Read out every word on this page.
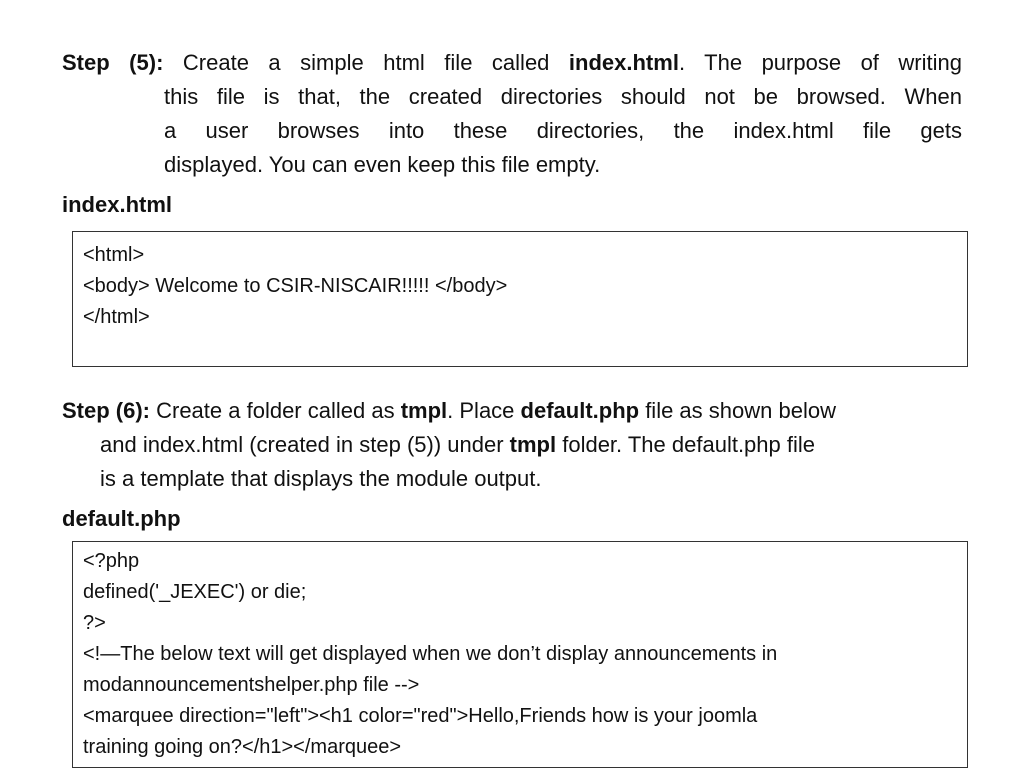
Step (5): Create a simple html file called index.html. The purpose of writing
this file is that, the created directories should not be browsed. When
a user browses into these directories, the index.html file gets
displayed. You can even keep this file empty.
index.html
<html>
<body> Welcome to CSIR-NISCAIR!!!!! </body>
</html>
Step (6): Create a folder called as tmpl. Place default.php file as shown below
and index.html (created in step (5)) under tmpl folder. The default.php file
is a template that displays the module output.
default.php
<?php
defined('_JEXEC') or die;
?>
<!—The below text will get displayed when we don’t display announcements in
modannouncementshelper.php file -->
<marquee direction="left"><h1 color="red">Hello,Friends how is your joomla
training going on?</h1></marquee>
